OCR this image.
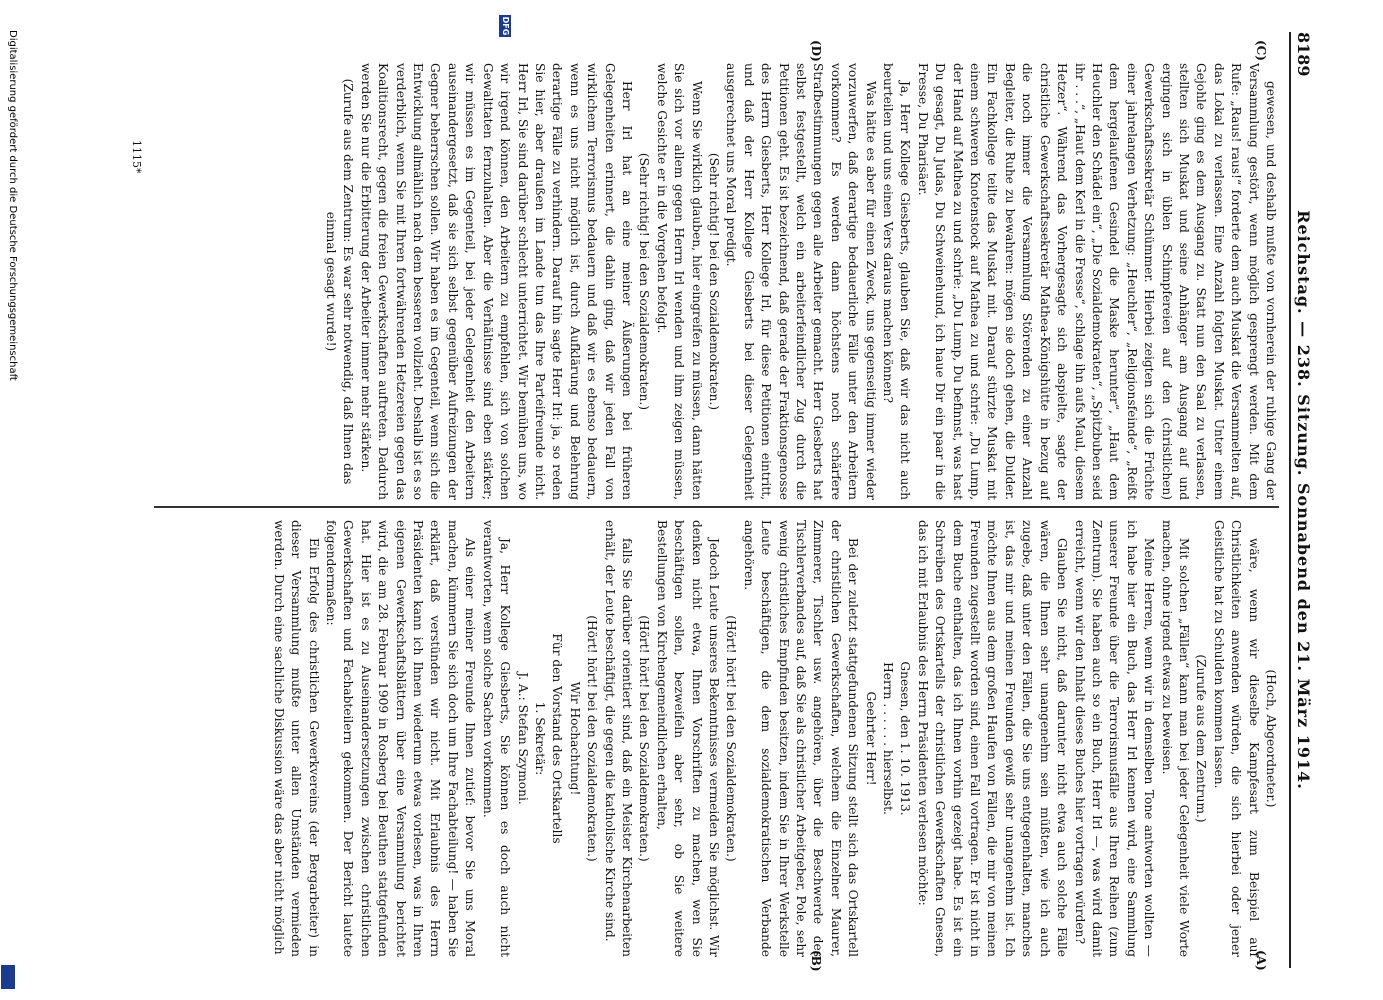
8189
Reichstag. — 238. Sitzung. Sonnabend den 21. März 1914.
(C)
(D)
(A)
(B)

gewesen, und deshalb mußte von vornherein der ruhige Gang der Versammlung gestört, wenn möglich gesprengt werden. Mit dem Rufe: „Raus! raus!“ forderte dem auch Muskat die Versammelten auf, das Lokal zu verlassen. Eine Anzahl folgten Muskat. Unter einem Gejohle ging es dem Ausgang zu. Statt nun den Saal zu verlassen, stellten sich Muskat und seine Anhänger am Ausgang auf und ergingen sich in üblen Schimpfereien auf den (christlichen) Gewerkschaftssekretär Schümmer. Hierbei zeigten sich die Früchte einer jahrelangen Verhetzung: „Heuchler“, „Religionsfeinde“, „Reißt dem hergelaufenen Gesindel die Maske herunter“, „Haut dem Heuchler den Schädel ein“, „Die Sozialdemokraten“, „Spitzbuben seid ihr . . .“, „Haut dem Kerl in die Fresse“, schlage ihn aufs Maul, diesem Hetzer“. Während das Vorhergesagte sich abspielte, sagte der christliche Gewerkschaftssekretär Mathea-Königshütte in bezug auf die noch immer die Versammlung Störenden zu einer Anzahl Begleiter, die Ruhe zu bewahren: mögen sie doch gehen, die Dulder. Ein Fachkollege teilte das Muskat mit. Darauf stürzte Muskat mit einem schweren Knotenstock auf Mathea zu und schrie: „Du Lump, der Hand auf Mathea zu und schrie: „Du Lump, Du befinnst, was hast Du gesagt, Du Judas, Du Schweinehund, ich haue Dir ein paar in die Fresse, Du Pharisäer.

Ja, Herr Kollege Giesberts, glauben Sie, daß wir das nicht auch beurteilen und uns einen Vers daraus machen können?

Was hätte es aber für einen Zweck, uns gegenseitig immer wieder vorzuwerfen, daß derartige bedauerliche Fälle unter den Arbeitern vorkommen? Es werden dann höchstens noch schärfere Strafbestimmungen gegen alle Arbeiter gemacht. Herr Giesberts hat selbst festgestellt, welch ein arbeiterfeindlicher Zug durch die Petitionen geht. Es ist bezeichnend, daß gerade der Fraktionsgenosse des Herrn Giesberts, Herr Kollege Irl, für diese Petitionen eintritt, und daß der Herr Kollege Giesberts bei dieser Gelegenheit ausgerechnet uns Moral predigt.

(Sehr richtig! bei den Sozialdemokraten.)

Wenn Sie wirklich glauben, hier eingreifen zu müssen, dann hätten Sie sich vor allem gegen Herrn Irl wenden und ihm zeigen müssen, welche Gesichte er in die Vorgehen befolgt.

(Sehr richtig! bei den Sozialdemokraten.)

Herr Irl hat an eine meiner Äußerungen bei früheren Gelegenheiten erinnert, die dahin ging, daß wir jeden Fall von wirklichem Terrorismus bedauern und daß wir es ebenso bedauern, wenn es uns nicht möglich ist, durch Aufklärung und Belehrung derartige Fälle zu verhindern. Darauf hin sagte Herr Irl: ja, so reden Sie hier, aber draußen im Lande tun das Ihre Parteifreunde nicht. Herr Irl, Sie sind darüber schlecht unterrichtet. Wir bemühen uns, wo wir irgend können, den Arbeitern zu empfehlen, sich von solchen Gewalttaten fernzuhalten. Aber die Verhältnisse sind eben stärker; wir müssen es im Gegenteil, bei jeder Gelegenheit den Arbeitern auseinandergesetzt, daß sie sich selbst gegenüber Aufreizungen der Gegner beherrschen sollen. Wir haben es im Gegenteil, wenn sich die Entwicklung allmählich nach dem besseren vollzieht. Deshalb ist es so verderblich, wenn Sie mit Ihren fortwährenden Hetzereien gegen das Koalitionsrecht, gegen die freien Gewerkschaften auftreten. Dadurch werden Sie nur die Erbitterung der Arbeiter immer mehr stärken.

(Zurufe aus dem Zentrum: Es war sehr notwendig, daß Ihnen das einmal gesagt wurde!)

(Hoch, Abgeordneter.)

wäre, wenn wir dieselbe Kampfesart zum Beispiel auf Christlichkeiten anwenden würden, die sich hierbei oder jener Geistliche hat zu Schulden kommen lassen.

(Zurufe aus dem Zentrum.)

Mit solchen „Fällen“ kann man bei jeder Gelegenheit viele Worte machen, ohne irgend etwas zu beweisen.

Meine Herren, wenn wir in demselben Tone antworten wollten — ich habe hier ein Buch, das Herr Irl kennen wird, eine Sammlung unserer Freunde über die Terrorismusfälle aus Ihren Reihen (zum Zentrum). Sie haben auch so ein Buch, Herr Irl —, was wird damit erreicht, wenn wir den Inhalt dieses Buches hier vortragen würden?

Glauben Sie nicht, daß darunter nicht etwa auch solche Fälle wären, die Ihnen sehr unangenehm sein müßten, wie ich auch zugebe, daß unter den Fällen, die Sie uns entgegenhalten, manches ist, das mir und meinen Freunden gewiß sehr unangenehm ist. Ich möchte Ihnen aus dem großen Haufen von Fällen, die mir von meinen Freunden zugestellt worden sind, einen Fall vortragen. Er ist nicht in dem Buche enthalten, das ich Ihnen vorhin gezeigt habe. Es ist ein Schreiben des Ortskartells der christlichen Gewerkschaften Gnesen, das ich mit Erlaubnis des Herrn Präsidenten verlesen möchte:

Gnesen, den 1. 10. 1913.

Herrn . . . . . . hierselbst.

Geehrter Herr!

Bei der zuletzt stattgefundenen Sitzung stellt sich das Ortskartell der christlichen Gewerkschaften, welchem die Einzelner Maurer, Zimmerer, Tischler usw. angehören, über die Beschwerde des Tischlerverbandes auf, daß Sie als christlicher Arbeitgeber, Pole, sehr wenig christliches Empfinden besitzen, indem Sie in Ihrer Werkstelle Leute beschäftigen, die dem sozialdemokratischen Verbande angehören.

(Hört! hört! bei den Sozialdemokraten.)

Jedoch Leute unseres Bekenntnisses vermeiden Sie möglichst. Wir denken nicht etwa, Ihnen Vorschriften zu machen, wen Sie beschäftigen sollen, bezweifeln aber sehr, ob Sie weitere Bestellungen von Kirchengemeindlichen erhalten,

(Hört! hört! bei den Sozialdemokraten.)

falls Sie darüber orientiert sind, daß ein Meister Kirchenarbeiten erhält, der Leute beschäftigt, die gegen die katholische Kirche sind.

(Hört! hört! bei den Sozialdemokraten.)

Wir Hochachtung!

Für den Vorstand des Ortskartells

1. Sekretär:

J. A.: Stefan Szymoni.

Ja, Herr Kollege Giesberts, Sie können es doch auch nicht verantworten, wenn solche Sachen vorkommen.

Als einer meiner Freunde Ihnen zutief: bevor Sie uns Moral machen, kümmern Sie sich doch um Ihre Fachabteilung! — haben Sie erklärt, daß verstünden wir nicht. Mit Erlaubnis des Herrn Präsidenten kann ich Ihnen wiederum etwas vorlesen, was in Ihren eigenen Gewerkschaftsblättern über eine Versammlung berichtet wird, die am 28. Februar 1909 in Rosberg bei Beuthen stattgefunden hat. Hier ist es zu Auseinandersetzungen zwischen christlichen Gewerkschaften und Fachabteilern gekommen. Der Bericht lautete folgendermaßen:

Ein Erfolg des christlichen Gewerkvereins (der Bergarbeiter) in dieser Versammlung mußte unter allen Umständen vermieden werden. Durch eine sachliche Diskussion wäre das aber nicht möglich

1115*
DFG
Digitalisierung gefördert durch die Deutsche Forschungsgemeinschaft
